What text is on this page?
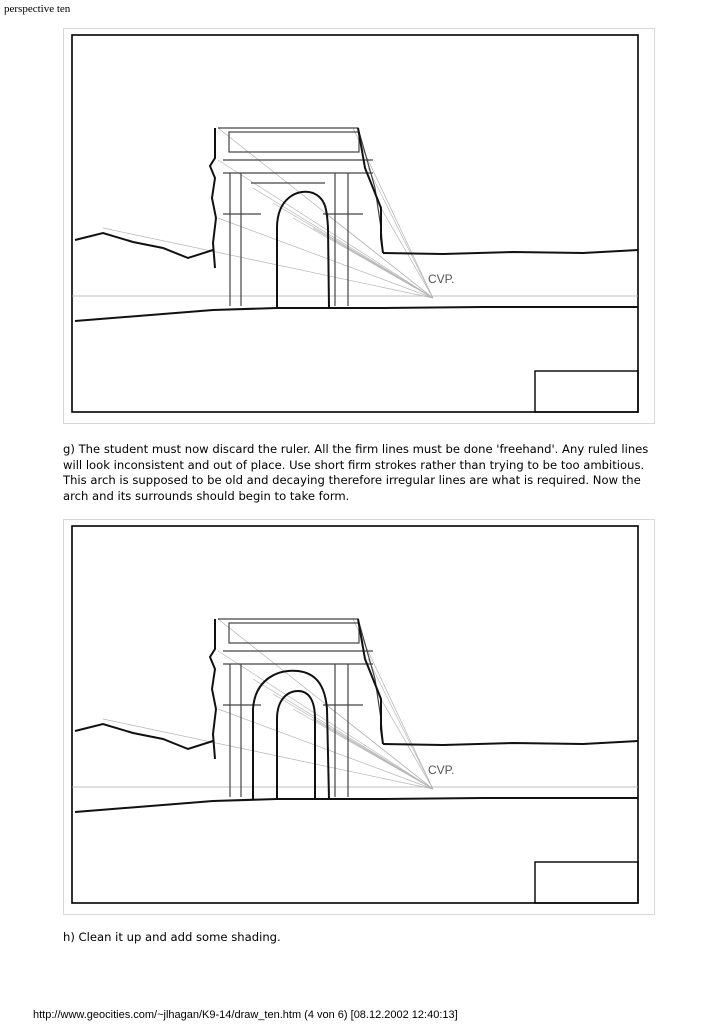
perspective ten
CVP.
g) The student must now discard the ruler. All the firm lines must be done 'freehand'. Any ruled lines will look inconsistent and out of place. Use short firm strokes rather than trying to be too ambitious. This arch is supposed to be old and decaying therefore irregular lines are what is required. Now the arch and its surrounds should begin to take form.
CVP.
h) Clean it up and add some shading.
http://www.geocities.com/~jlhagan/K9-14/draw_ten.htm (4 von 6) [08.12.2002 12:40:13]
